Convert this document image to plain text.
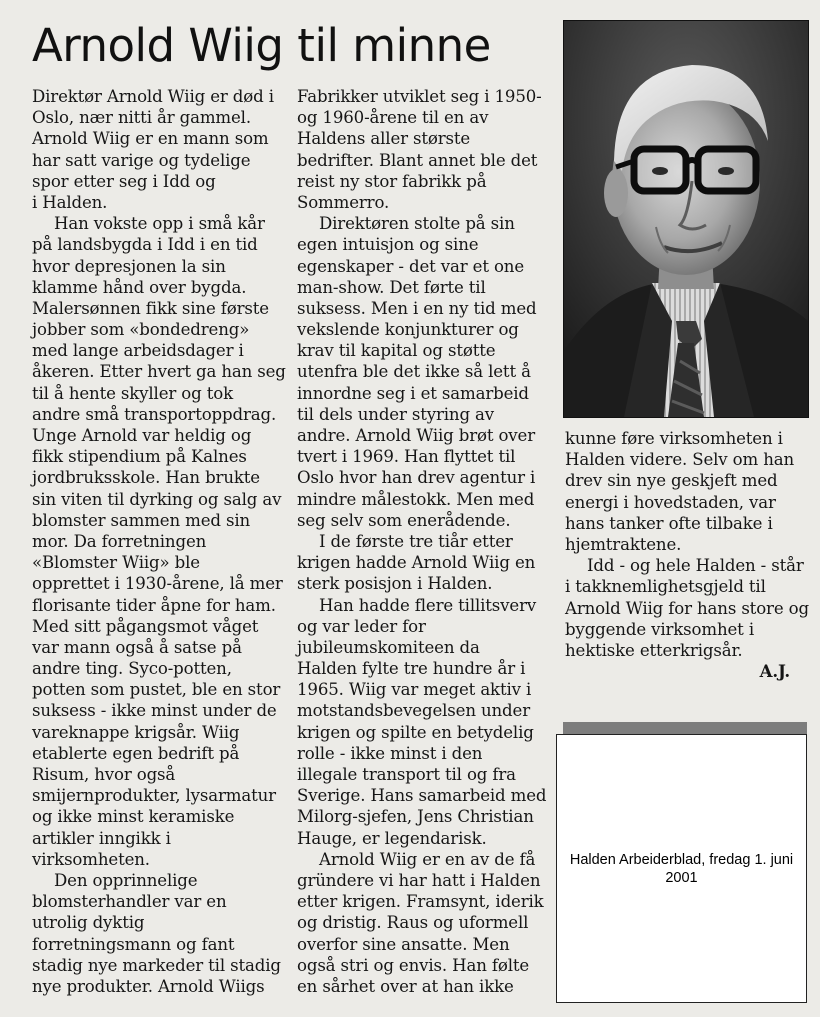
Arnold Wiig til minne
Direktør Arnold Wiig er død i
Oslo, nær nitti år gammel.
Arnold Wiig er en mann som
har satt varige og tydelige
spor etter seg i Idd og
i Halden.
Han vokste opp i små kår
på landsbygda i Idd i en tid
hvor depresjonen la sin
klamme hånd over bygda.
Malersønnen fikk sine første
jobber som «bondedreng»
med lange arbeidsdager i
åkeren. Etter hvert ga han seg
til å hente skyller og tok
andre små transportoppdrag.
Unge Arnold var heldig og
fikk stipendium på Kalnes
jordbruksskole. Han brukte
sin viten til dyrking og salg av
blomster sammen med sin
mor. Da forretningen
«Blomster Wiig» ble
opprettet i 1930-årene, lå mer
florisante tider åpne for ham.
Med sitt pågangsmot våget
var mann også å satse på
andre ting. Syco-potten,
potten som pustet, ble en stor
suksess - ikke minst under de
vareknappe krigsår. Wiig
etablerte egen bedrift på
Risum, hvor også
smijernprodukter, lysarmatur
og ikke minst keramiske
artikler inngikk i
virksomheten.
Den opprinnelige
blomsterhandler var en
utrolig dyktig
forretningsmann og fant
stadig nye markeder til stadig
nye produkter. Arnold Wiigs
Fabrikker utviklet seg i 1950-
og 1960-årene til en av
Haldens aller største
bedrifter. Blant annet ble det
reist ny stor fabrikk på
Sommerro.
Direktøren stolte på sin
egen intuisjon og sine
egenskaper - det var et one
man-show. Det førte til
suksess. Men i en ny tid med
vekslende konjunkturer og
krav til kapital og støtte
utenfra ble det ikke så lett å
innordne seg i et samarbeid
til dels under styring av
andre. Arnold Wiig brøt over
tvert i 1969. Han flyttet til
Oslo hvor han drev agentur i
mindre målestokk. Men med
seg selv som enerådende.
I de første tre tiår etter
krigen hadde Arnold Wiig en
sterk posisjon i Halden.
Han hadde flere tillitsverv
og var leder for
jubileumskomiteen da
Halden fylte tre hundre år i
1965. Wiig var meget aktiv i
motstandsbevegelsen under
krigen og spilte en betydelig
rolle - ikke minst i den
illegale transport til og fra
Sverige. Hans samarbeid med
Milorg-sjefen, Jens Christian
Hauge, er legendarisk.
Arnold Wiig er en av de få
gründere vi har hatt i Halden
etter krigen. Framsynt, iderik
og dristig. Raus og uformell
overfor sine ansatte. Men
også stri og envis. Han følte
en sårhet over at han ikke
kunne føre virksomheten i
Halden videre. Selv om han
drev sin nye geskjeft med
energi i hovedstaden, var
hans tanker ofte tilbake i
hjemtraktene.
Idd - og hele Halden - står
i takknemlighetsgjeld til
Arnold Wiig for hans store og
byggende virksomhet i
hektiske etterkrigsår.
A.J.
Halden Arbeiderblad, fredag 1. juni 2001
